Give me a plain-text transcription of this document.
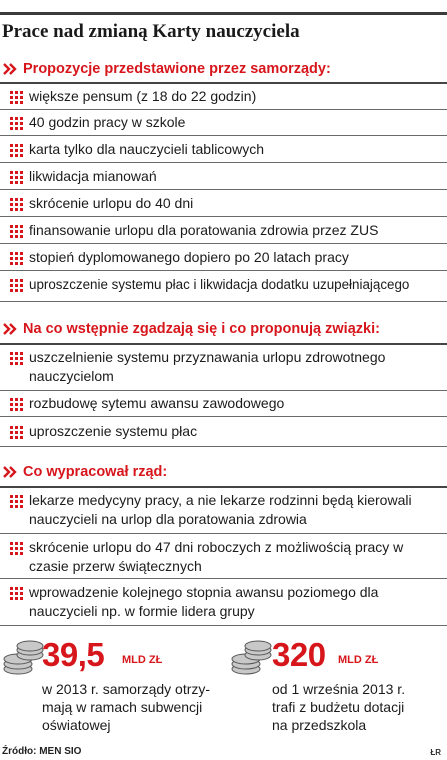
Prace nad zmianą Karty nauczyciela
Propozycje przedstawione przez samorządy:
większe pensum (z 18 do 22 godzin)
40 godzin pracy w szkole
karta tylko dla nauczycieli tablicowych
likwidacja mianowań
skrócenie urlopu do 40 dni
finansowanie urlopu dla poratowania zdrowia przez ZUS
stopień dyplomowanego dopiero po 20 latach pracy
uproszczenie systemu płac i likwidacja dodatku uzupełniającego
Na co wstępnie zgadzają się i co proponują związki:
uszczelnienie systemu przyznawania urlopu zdrowotnego nauczycielom
rozbudowę sytemu awansu zawodowego
uproszczenie systemu płac
Co wypracował rząd:
lekarze medycyny pracy, a nie lekarze rodzinni będą kierowali nauczycieli na urlop dla poratowania zdrowia
skrócenie urlopu do 47 dni roboczych z możliwością pracy w czasie przerw świątecznych
wprowadzenie kolejnego stopnia awansu poziomego dla nauczycieli np. w formie lidera grupy
39,5 MLD ZŁ
w 2013 r. samorządy otrzy-
mają w ramach subwencji
oświatowej
320 MLD ZŁ
od 1 września 2013 r.
trafi z budżetu dotacji
na przedszkola
Źródło: MEN SIO	ŁR
